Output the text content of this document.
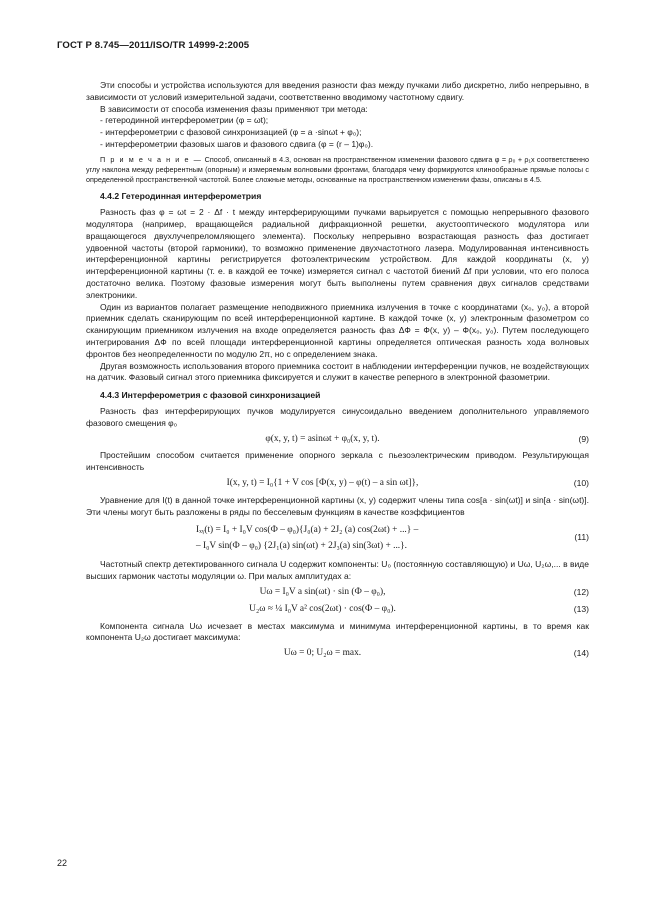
ГОСТ Р 8.745—2011/ISO/TR 14999-2:2005

Эти способы и устройства используются для введения разности фаз между пучками либо дискретно, либо непрерывно, в зависимости от условий измерительной задачи, соответственно вводимому частотному сдвигу.

В зависимости от способа изменения фазы применяют три метода:

- гетеродинной интерферометрии (φ = ωt);

- интерферометрии с фазовой синхронизацией (φ = a ·sinωt + φ₀);

- интерферометрии фазовых шагов и фазового сдвига (φ = (r – 1)φ₀).

П р и м е ч а н и е — Способ, описанный в 4.3, основан на пространственном изменении фазового сдвига φ = ρ₀ + ρ₁x соответственно углу наклона между референтным (опорным) и измеряемым волновыми фронтами, благодаря чему формируются клинообразные прямые полосы с определенной пространственной частотой. Более сложные методы, основанные на пространственном изменении фазы, описаны в 4.5.

4.4.2 Гетеродинная интерферометрия

Разность фаз φ = ωt = 2 · Δf · t между интерферирующими пучками варьируется с помощью непрерывного фазового модулятора (например, вращающейся радиальной дифракционной решетки, акустооптического модулятора или вращающегося двухлучепреломляющего элемента). Поскольку непрерывно возрастающая разность фаз достигает удвоенной частоты (второй гармоники), то возможно применение двухчастотного лазера. Модулированная интенсивность интерференционной картины регистрируется фотоэлектрическим устройством. Для каждой координаты (x, y) интерференционной картины (т. е. в каждой ее точке) измеряется сигнал с частотой биений Δf при условии, что его полоса достаточно велика. Поэтому фазовые измерения могут быть выполнены путем сравнения двух сигналов средствами электроники.

Один из вариантов полагает размещение неподвижного приемника излучения в точке с координатами (x₀, y₀), а второй приемник сделать сканирующим по всей интерференционной картине. В каждой точке (x, y) электронным фазометром со сканирующим приемником излучения на входе определяется разность фаз ΔФ = Ф(x, y) – Ф(x₀, y₀). Путем последующего интегрирования ΔФ по всей площади интерференционной картины определяется оптическая разность хода волновых фронтов без неопределенности по модулю 2π, но с определением знака.

Другая возможность использования второго приемника состоит в наблюдении интерференции пучков, не воздействующих на датчик. Фазовый сигнал этого приемника фиксируется и служит в качестве реперного в электронной фазометрии.

4.4.3 Интерферометрия с фазовой синхронизацией

Разность фаз интерферирующих пучков модулируется синусоидально введением дополнительного управляемого фазового смещения φ₀

φ(x, y, t) = asinωt + φ₀(x, y, t).	(9)

Простейшим способом считается применение опорного зеркала с пьезоэлектрическим приводом. Результирующая интенсивность

I(x, y, t) = I₀{1 + V cos [Ф(x, y) – φ(t) – a sin ωt]},	(10)

Уравнение для I(t) в данной точке интерференционной картины (x, y) содержит члены типа cos[a · sin(ωt)] и sin[a · sin(ωt)]. Эти члены могут быть разложены в ряды по бесселевым функциям в качестве коэффициентов

Iₓᵧ(t) = I₀ + I₀V cos(Ф – φ₀){J₀(a) + 2J₂ (a) cos(2ωt) + ...} –
– I₀V sin(Ф – φ₀) {2J₁(a) sin(ωt) + 2J₃(a) sin(3ωt) + ...}.
(11)

Частотный спектр детектированного сигнала U содержит компоненты: U₀ (постоянную составляющую) и Uω, U₂ω,... в виде высших гармоник частоты модуляции ω. При малых амплитудах a:

Uω = I₀V a sin(ωt) · sin (Ф – φ₀),	(12)
U₂ω ≈ ¼ I₀V a² cos(2ωt) · cos(Ф – φ₀).	(13)

Компонента сигнала Uω исчезает в местах максимума и минимума интерференционной картины, в то время как компонента U₂ω достигает максимума:

Uω = 0; U₂ω = max.	(14)
22
